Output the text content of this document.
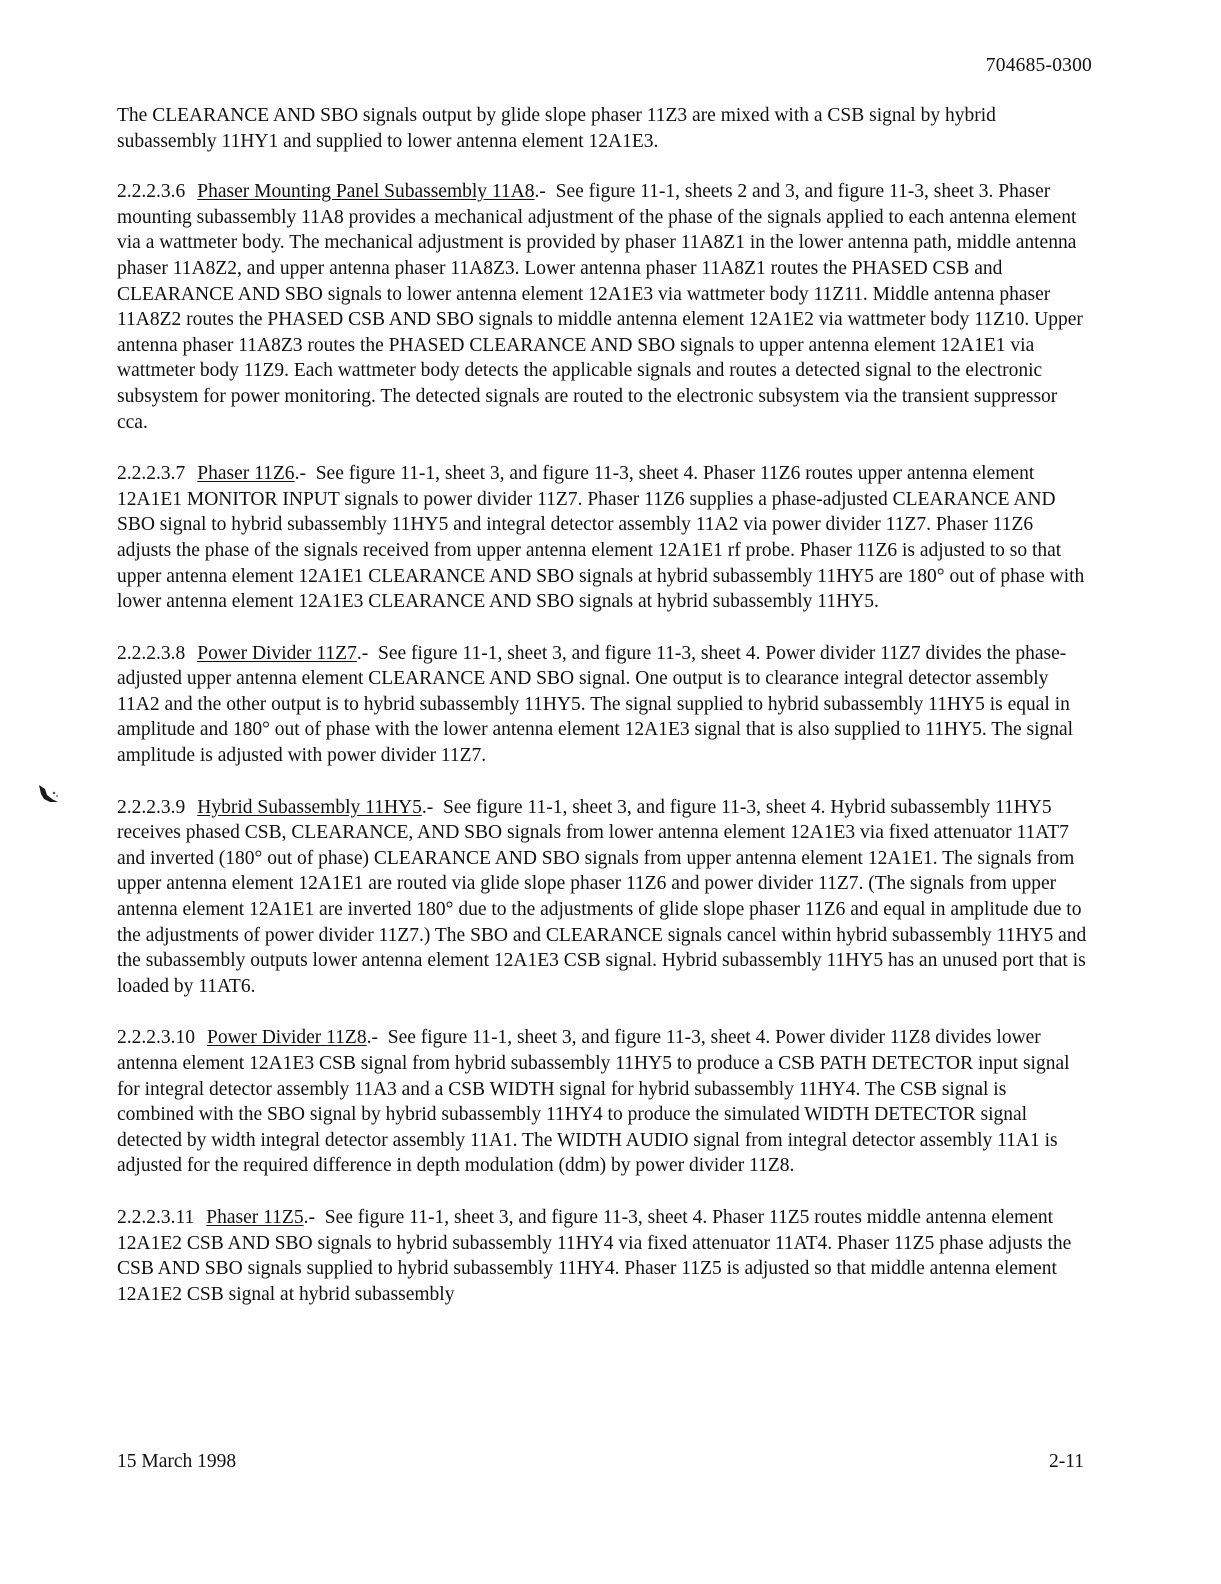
704685-0300

The CLEARANCE AND SBO signals output by glide slope phaser 11Z3 are mixed with a CSB signal by hybrid subassembly 11HY1 and supplied to lower antenna element 12A1E3.

2.2.2.3.6 Phaser Mounting Panel Subassembly 11A8.- See figure 11-1, sheets 2 and 3, and figure 11-3, sheet 3. Phaser mounting subassembly 11A8 provides a mechanical adjustment of the phase of the signals applied to each antenna element via a wattmeter body. The mechanical adjustment is provided by phaser 11A8Z1 in the lower antenna path, middle antenna phaser 11A8Z2, and upper antenna phaser 11A8Z3. Lower antenna phaser 11A8Z1 routes the PHASED CSB and CLEARANCE AND SBO signals to lower antenna element 12A1E3 via wattmeter body 11Z11. Middle antenna phaser 11A8Z2 routes the PHASED CSB AND SBO signals to middle antenna element 12A1E2 via wattmeter body 11Z10. Upper antenna phaser 11A8Z3 routes the PHASED CLEARANCE AND SBO signals to upper antenna element 12A1E1 via wattmeter body 11Z9. Each wattmeter body detects the applicable signals and routes a detected signal to the electronic subsystem for power monitoring. The detected signals are routed to the electronic subsystem via the transient suppressor cca.

2.2.2.3.7 Phaser 11Z6.- See figure 11-1, sheet 3, and figure 11-3, sheet 4. Phaser 11Z6 routes upper antenna element 12A1E1 MONITOR INPUT signals to power divider 11Z7. Phaser 11Z6 supplies a phase-adjusted CLEARANCE AND SBO signal to hybrid subassembly 11HY5 and integral detector assembly 11A2 via power divider 11Z7. Phaser 11Z6 adjusts the phase of the signals received from upper antenna element 12A1E1 rf probe. Phaser 11Z6 is adjusted to so that upper antenna element 12A1E1 CLEARANCE AND SBO signals at hybrid subassembly 11HY5 are 180° out of phase with lower antenna element 12A1E3 CLEARANCE AND SBO signals at hybrid subassembly 11HY5.

2.2.2.3.8 Power Divider 11Z7.- See figure 11-1, sheet 3, and figure 11-3, sheet 4. Power divider 11Z7 divides the phase-adjusted upper antenna element CLEARANCE AND SBO signal. One output is to clearance integral detector assembly 11A2 and the other output is to hybrid subassembly 11HY5. The signal supplied to hybrid subassembly 11HY5 is equal in amplitude and 180° out of phase with the lower antenna element 12A1E3 signal that is also supplied to 11HY5. The signal amplitude is adjusted with power divider 11Z7.

2.2.2.3.9 Hybrid Subassembly 11HY5.- See figure 11-1, sheet 3, and figure 11-3, sheet 4. Hybrid subassembly 11HY5 receives phased CSB, CLEARANCE, AND SBO signals from lower antenna element 12A1E3 via fixed attenuator 11AT7 and inverted (180° out of phase) CLEARANCE AND SBO signals from upper antenna element 12A1E1. The signals from upper antenna element 12A1E1 are routed via glide slope phaser 11Z6 and power divider 11Z7. (The signals from upper antenna element 12A1E1 are inverted 180° due to the adjustments of glide slope phaser 11Z6 and equal in amplitude due to the adjustments of power divider 11Z7.) The SBO and CLEARANCE signals cancel within hybrid subassembly 11HY5 and the subassembly outputs lower antenna element 12A1E3 CSB signal. Hybrid subassembly 11HY5 has an unused port that is loaded by 11AT6.

2.2.2.3.10 Power Divider 11Z8.- See figure 11-1, sheet 3, and figure 11-3, sheet 4. Power divider 11Z8 divides lower antenna element 12A1E3 CSB signal from hybrid subassembly 11HY5 to produce a CSB PATH DETECTOR input signal for integral detector assembly 11A3 and a CSB WIDTH signal for hybrid subassembly 11HY4. The CSB signal is combined with the SBO signal by hybrid subassembly 11HY4 to produce the simulated WIDTH DETECTOR signal detected by width integral detector assembly 11A1. The WIDTH AUDIO signal from integral detector assembly 11A1 is adjusted for the required difference in depth modulation (ddm) by power divider 11Z8.

2.2.2.3.11 Phaser 11Z5.- See figure 11-1, sheet 3, and figure 11-3, sheet 4. Phaser 11Z5 routes middle antenna element 12A1E2 CSB AND SBO signals to hybrid subassembly 11HY4 via fixed attenuator 11AT4. Phaser 11Z5 phase adjusts the CSB AND SBO signals supplied to hybrid subassembly 11HY4. Phaser 11Z5 is adjusted so that middle antenna element 12A1E2 CSB signal at hybrid subassembly

15 March 1998	2-11
